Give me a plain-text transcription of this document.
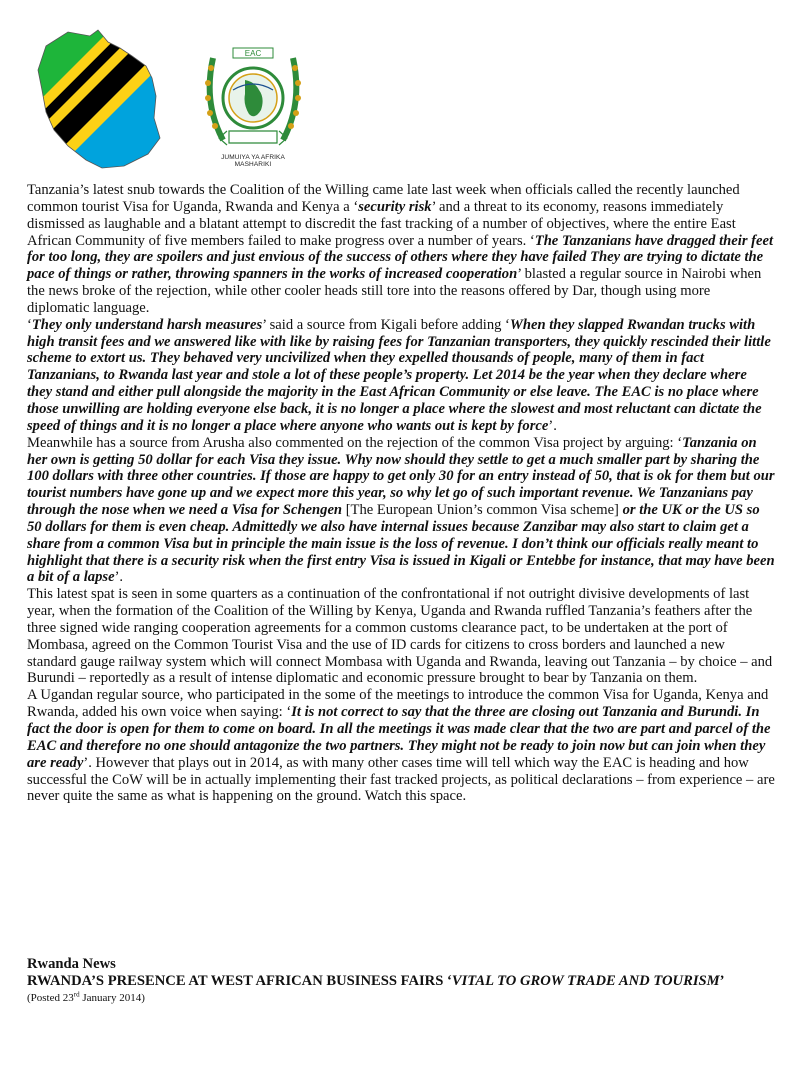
EAC
JUMUIYA YA AFRIKA MASHARIKI

Tanzania’s latest snub towards the Coalition of the Willing came late last week when officials called the recently launched common tourist Visa for Uganda, Rwanda and Kenya a ‘security risk’ and a threat to its economy, reasons immediately dismissed as laughable and a blatant attempt to discredit the fast tracking of a number of objectives, where the entire East African Community of five members failed to make progress over a number of years. ‘The Tanzanians have dragged their feet for too long, they are spoilers and just envious of the success of others where they have failed They are trying to dictate the pace of things or rather, throwing spanners in the works of increased cooperation’ blasted a regular source in Nairobi when the news broke of the rejection, while other cooler heads still tore into the reasons offered by Dar, though using more diplomatic language.

‘They only understand harsh measures’ said a source from Kigali before adding ‘When they slapped Rwandan trucks with high transit fees and we answered like with like by raising fees for Tanzanian transporters, they quickly rescinded their little scheme to extort us. They behaved very uncivilized when they expelled thousands of people, many of them in fact Tanzanians, to Rwanda last year and stole a lot of these people’s property. Let 2014 be the year when they declare where they stand and either pull alongside the majority in the East African Community or else leave. The EAC is no place where those unwilling are holding everyone else back, it is no longer a place where the slowest and most reluctant can dictate the speed of things and it is no longer a place where anyone who wants out is kept by force’.

Meanwhile has a source from Arusha also commented on the rejection of the common Visa project by arguing: ‘Tanzania on her own is getting 50 dollar for each Visa they issue. Why now should they settle to get a much smaller part by sharing the 100 dollars with three other countries. If those are happy to get only 30 for an entry instead of 50, that is ok for them but our tourist numbers have gone up and we expect more this year, so why let go of such important revenue. We Tanzanians pay through the nose when we need a Visa for Schengen [The European Union’s common Visa scheme] or the UK or the US so 50 dollars for them is even cheap. Admittedly we also have internal issues because Zanzibar may also start to claim get a share from a common Visa but in principle the main issue is the loss of revenue. I don’t think our officials really meant to highlight that there is a security risk when the first entry Visa is issued in Kigali or Entebbe for instance, that may have been a bit of a lapse’.

This latest spat is seen in some quarters as a continuation of the confrontational if not outright divisive developments of last year, when the formation of the Coalition of the Willing by Kenya, Uganda and Rwanda ruffled Tanzania’s feathers after the three signed wide ranging cooperation agreements for a common customs clearance pact, to be undertaken at the port of Mombasa, agreed on the Common Tourist Visa and the use of ID cards for citizens to cross borders and launched a new standard gauge railway system which will connect Mombasa with Uganda and Rwanda, leaving out Tanzania – by choice – and Burundi – reportedly as a result of intense diplomatic and economic pressure brought to bear by Tanzania on them.

A Ugandan regular source, who participated in the some of the meetings to introduce the common Visa for Uganda, Kenya and Rwanda, added his own voice when saying: ‘It is not correct to say that the three are closing out Tanzania and Burundi. In fact the door is open for them to come on board. In all the meetings it was made clear that the two are part and parcel of the EAC and therefore no one should antagonize the two partners. They might not be ready to join now but can join when they are ready’. However that plays out in 2014, as with many other cases time will tell which way the EAC is heading and how successful the CoW will be in actually implementing their fast tracked projects, as political declarations – from experience – are never quite the same as what is happening on the ground. Watch this space.

Rwanda News
RWANDA’S PRESENCE AT WEST AFRICAN BUSINESS FAIRS ‘VITAL TO GROW TRADE AND TOURISM’
(Posted 23rd January 2014)
